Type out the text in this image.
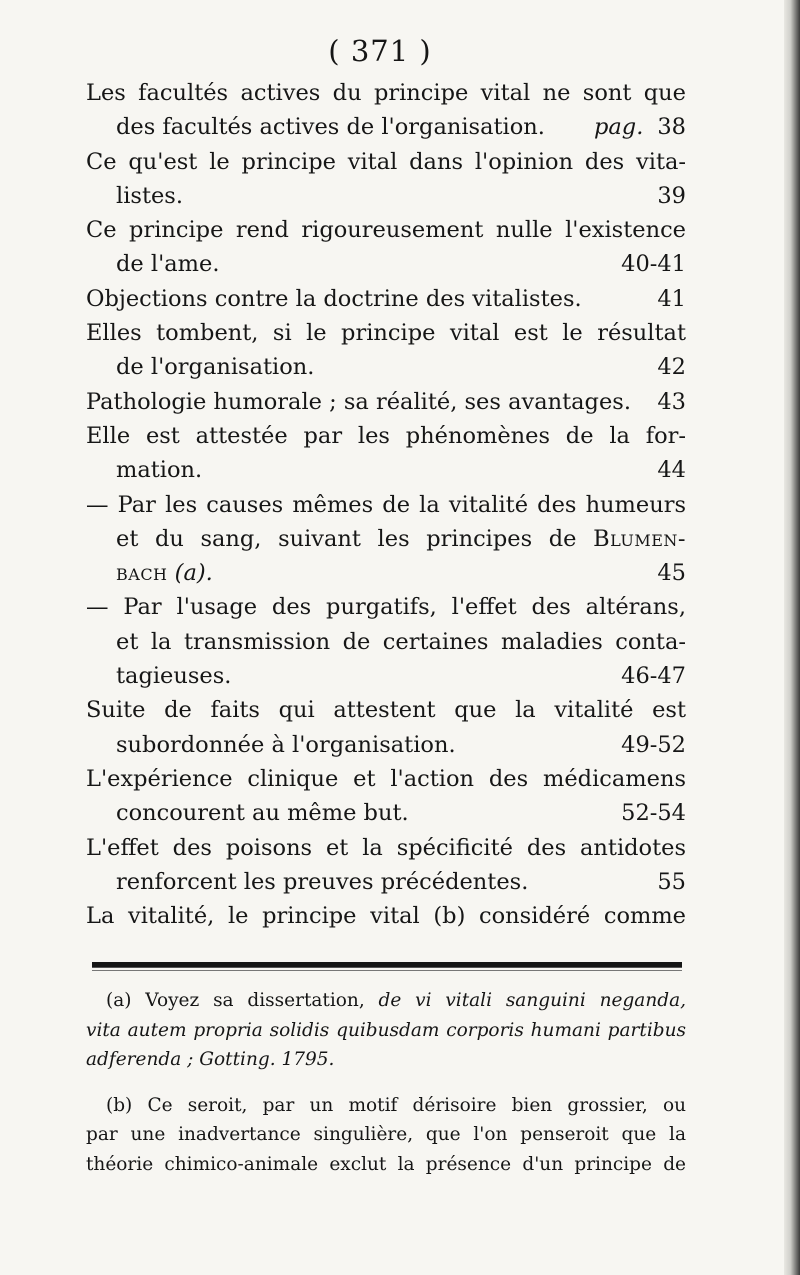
( 371 )
Les facultés actives du principe vital ne sont que
des facultés actives de l'organisation. pag. 38
Ce qu'est le principe vital dans l'opinion des vita-
listes.	39
Ce principe rend rigoureusement nulle l'existence
de l'ame.	40-41
Objections contre la doctrine des vitalistes.	41
Elles tombent, si le principe vital est le résultat
de l'organisation.	42
Pathologie humorale ; sa réalité, ses avantages.	43
Elle est attestée par les phénomènes de la for-
mation.	44
— Par les causes mêmes de la vitalité des humeurs
et du sang, suivant les principes de Blumen-
bach (a).	45
— Par l'usage des purgatifs, l'effet des altérans,
et la transmission de certaines maladies conta-
tagieuses.	46-47
Suite de faits qui attestent que la vitalité est
subordonnée à l'organisation.	49-52
L'expérience clinique et l'action des médicamens
concourent au même but.	52-54
L'effet des poisons et la spécificité des antidotes
renforcent les preuves précédentes.	55
La vitalité, le principe vital (b) considéré comme
(a) Voyez sa dissertation, de vi vitali sanguini neganda,
vita autem propria solidis quibusdam corporis humani partibus
adferenda ; Gotting. 1795.
(b) Ce seroit, par un motif dérisoire bien grossier, ou
par une inadvertance singulière, que l'on penseroit que la
théorie chimico-animale exclut la présence d'un principe de
